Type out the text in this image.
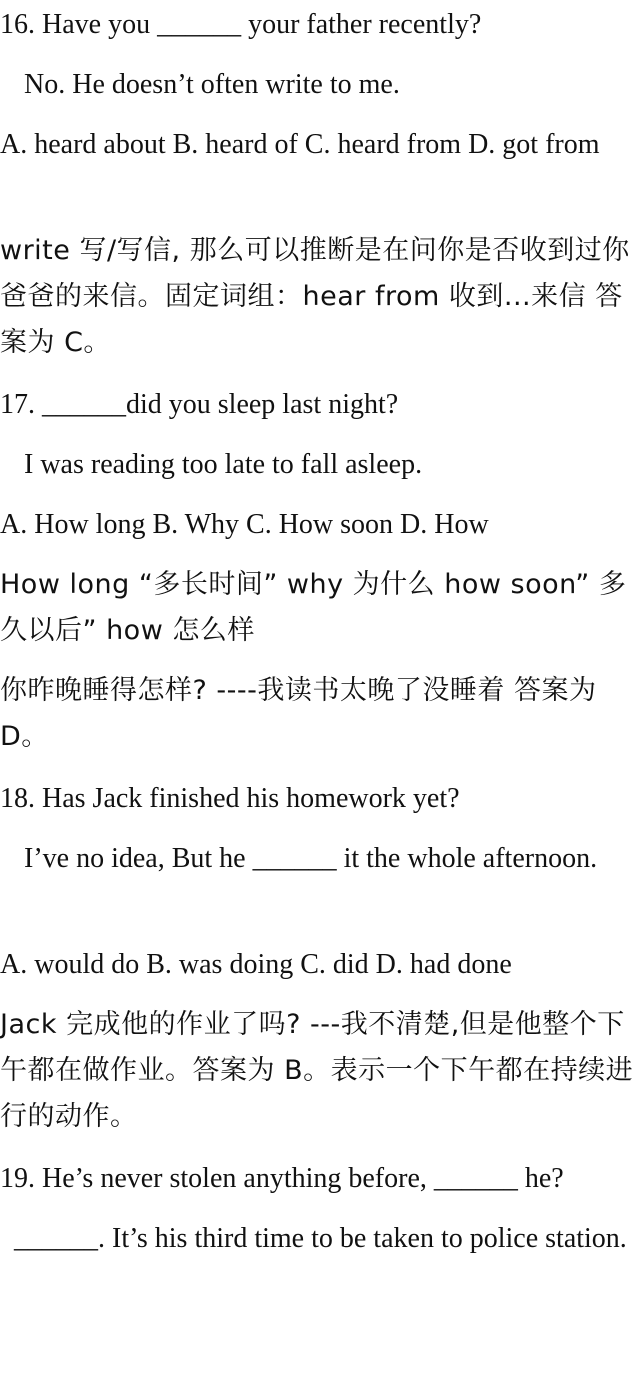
16. Have you ______ your father recently?
No. He doesn’t often write to me.
A. heard about B. heard of C. heard from D. got from
write 写/写信, 那么可以推断是在问你是否收到过你爸爸的来信。固定词组：hear from 收到...来信 答案为 C。
17. ______did you sleep last night?
I was reading too late to fall asleep.
A. How long B. Why C. How soon D. How
How long “多长时间” why 为什么 how soon” 多久以后” how 怎么样
你昨晚睡得怎样? ----我读书太晚了没睡着 答案为 D。
18. Has Jack finished his homework yet?
I’ve no idea, But he ______ it the whole afternoon.
A. would do B. was doing C. did D. had done
Jack 完成他的作业了吗? ---我不清楚,但是他整个下午都在做作业。答案为 B。表示一个下午都在持续进行的动作。
19. He’s never stolen anything before, ______ he?
______. It’s his third time to be taken to police station.
